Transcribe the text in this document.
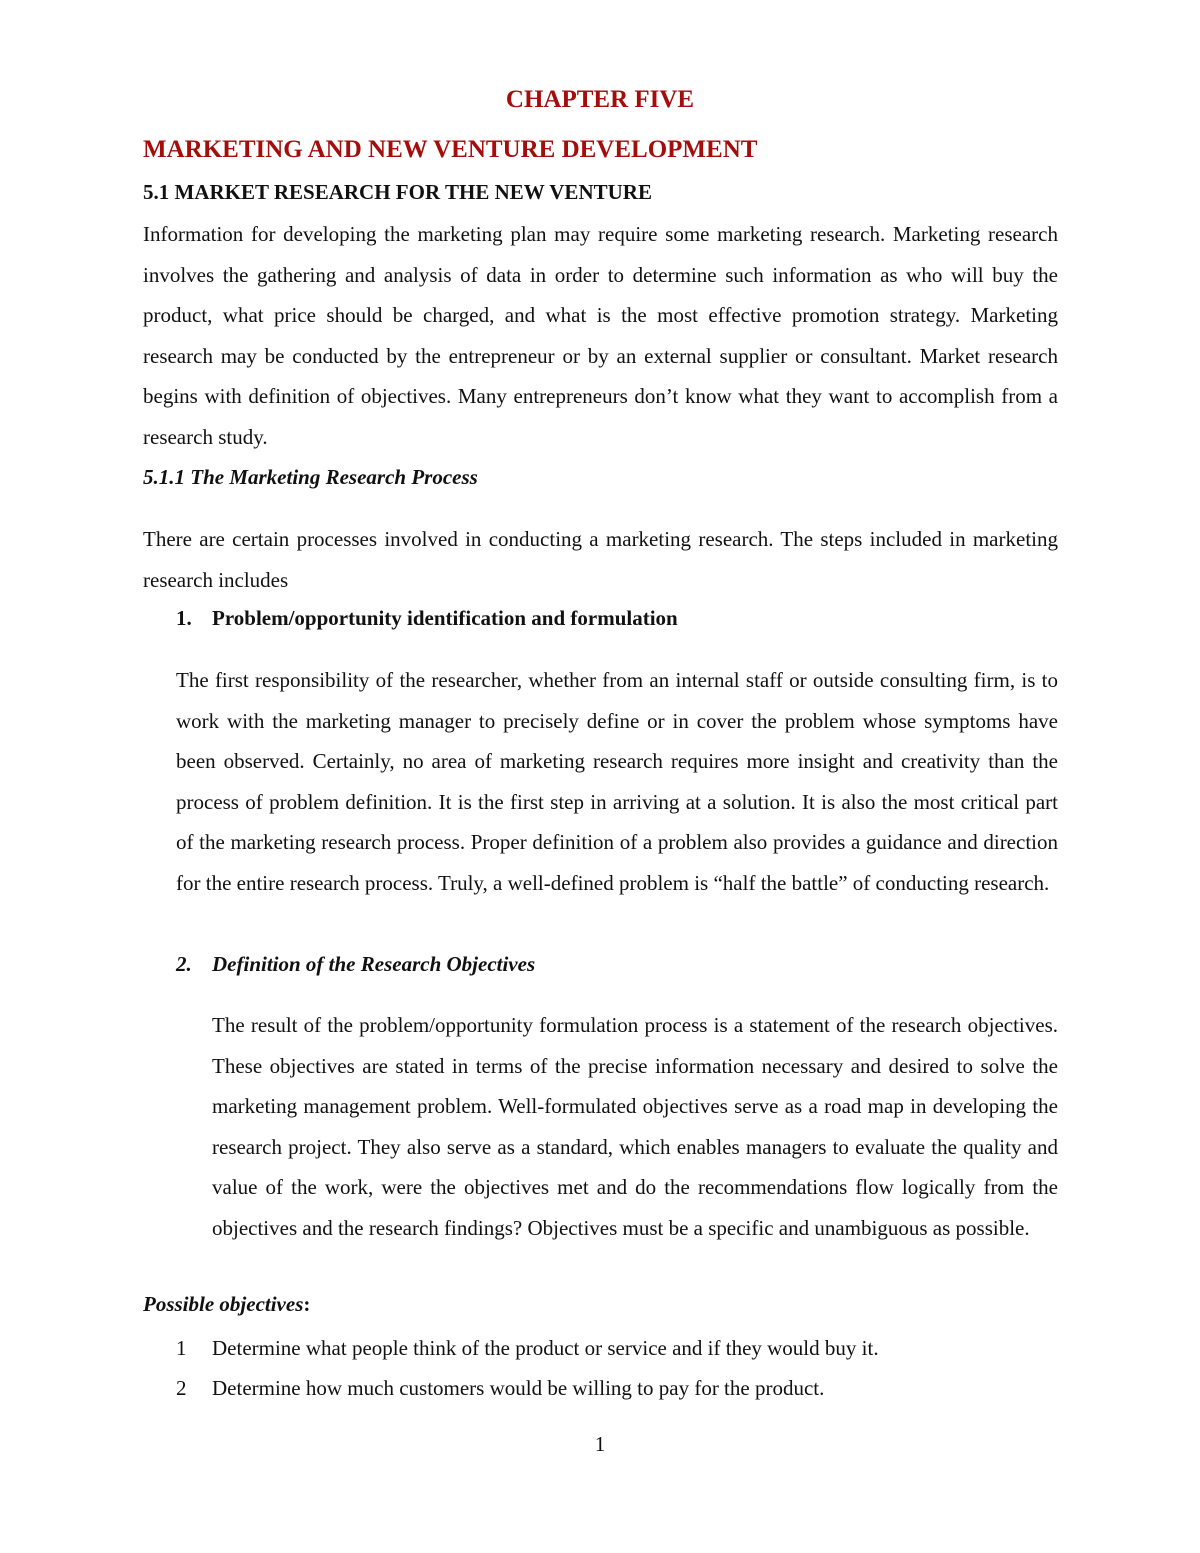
CHAPTER FIVE
MARKETING AND NEW VENTURE DEVELOPMENT
5.1 MARKET RESEARCH FOR THE NEW VENTURE

Information for developing the marketing plan may require some marketing research. Marketing research involves the gathering and analysis of data in order to determine such information as who will buy the product, what price should be charged, and what is the most effective promotion strategy. Marketing research may be conducted by the entrepreneur or by an external supplier or consultant. Market research begins with definition of objectives. Many entrepreneurs don’t know what they want to accomplish from a research study.

5.1.1 The Marketing Research Process

There are certain processes involved in conducting a marketing research. The steps included in marketing research includes

1. Problem/opportunity identification and formulation

The first responsibility of the researcher, whether from an internal staff or outside consulting firm, is to work with the marketing manager to precisely define or in cover the problem whose symptoms have been observed. Certainly, no area of marketing research requires more insight and creativity than the process of problem definition. It is the first step in arriving at a solution. It is also the most critical part of the marketing research process. Proper definition of a problem also provides a guidance and direction for the entire research process. Truly, a well-defined problem is “half the battle” of conducting research.

2. Definition of the Research Objectives

The result of the problem/opportunity formulation process is a statement of the research objectives. These objectives are stated in terms of the precise information necessary and desired to solve the marketing management problem. Well-formulated objectives serve as a road map in developing the research project. They also serve as a standard, which enables managers to evaluate the quality and value of the work, were the objectives met and do the recommendations flow logically from the objectives and the research findings? Objectives must be a specific and unambiguous as possible.

Possible objectives:
1 Determine what people think of the product or service and if they would buy it.
2 Determine how much customers would be willing to pay for the product.
1
